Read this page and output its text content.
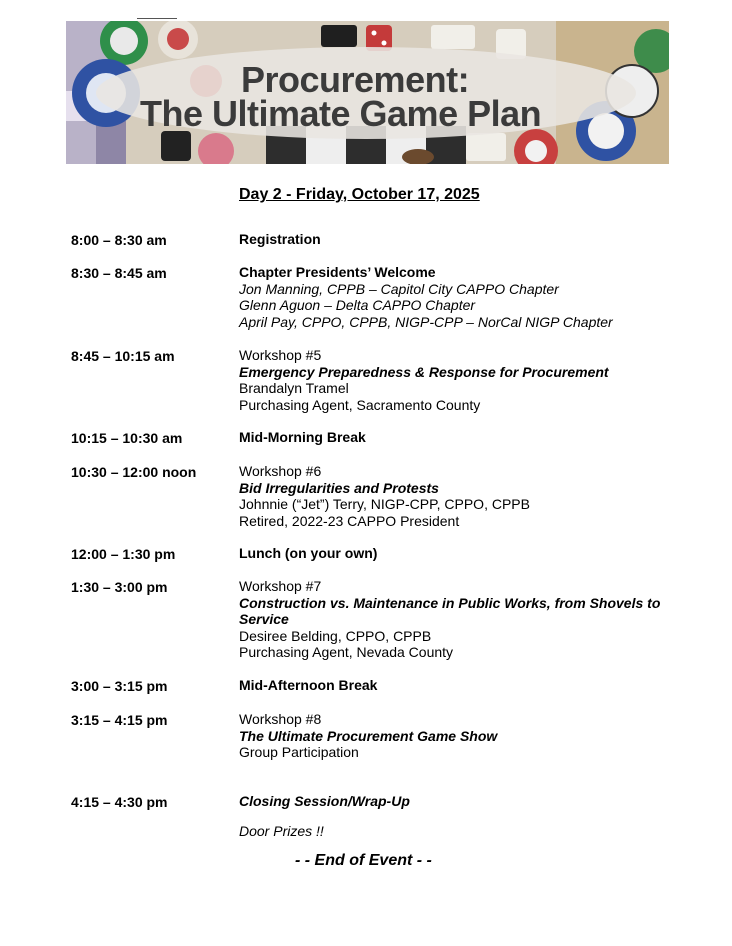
Procurement:
The Ultimate Game Plan
Day 2 - Friday, October 17, 2025
8:00 – 8:30 am	Registration
8:30 – 8:45 am	Chapter Presidents’ Welcome
Jon Manning, CPPB – Capitol City CAPPO Chapter
Glenn Aguon – Delta CAPPO Chapter
April Pay, CPPO, CPPB, NIGP-CPP – NorCal NIGP Chapter
8:45 – 10:15 am	Workshop #5
Emergency Preparedness & Response for Procurement
Brandalyn Tramel
Purchasing Agent, Sacramento County
10:15 – 10:30 am	Mid-Morning Break
10:30 – 12:00 noon	Workshop #6
Bid Irregularities and Protests
Johnnie (“Jet”) Terry, NIGP-CPP, CPPO, CPPB
Retired, 2022-23 CAPPO President
12:00 – 1:30 pm	Lunch (on your own)
1:30 – 3:00 pm	Workshop #7
Construction vs. Maintenance in Public Works, from Shovels to
Service
Desiree Belding, CPPO, CPPB
Purchasing Agent, Nevada County
3:00 – 3:15 pm	Mid-Afternoon Break
3:15 – 4:15 pm	Workshop #8
The Ultimate Procurement Game Show
Group Participation
4:15 – 4:30 pm	Closing Session/Wrap-Up
Door Prizes !!
- - End of Event - -
